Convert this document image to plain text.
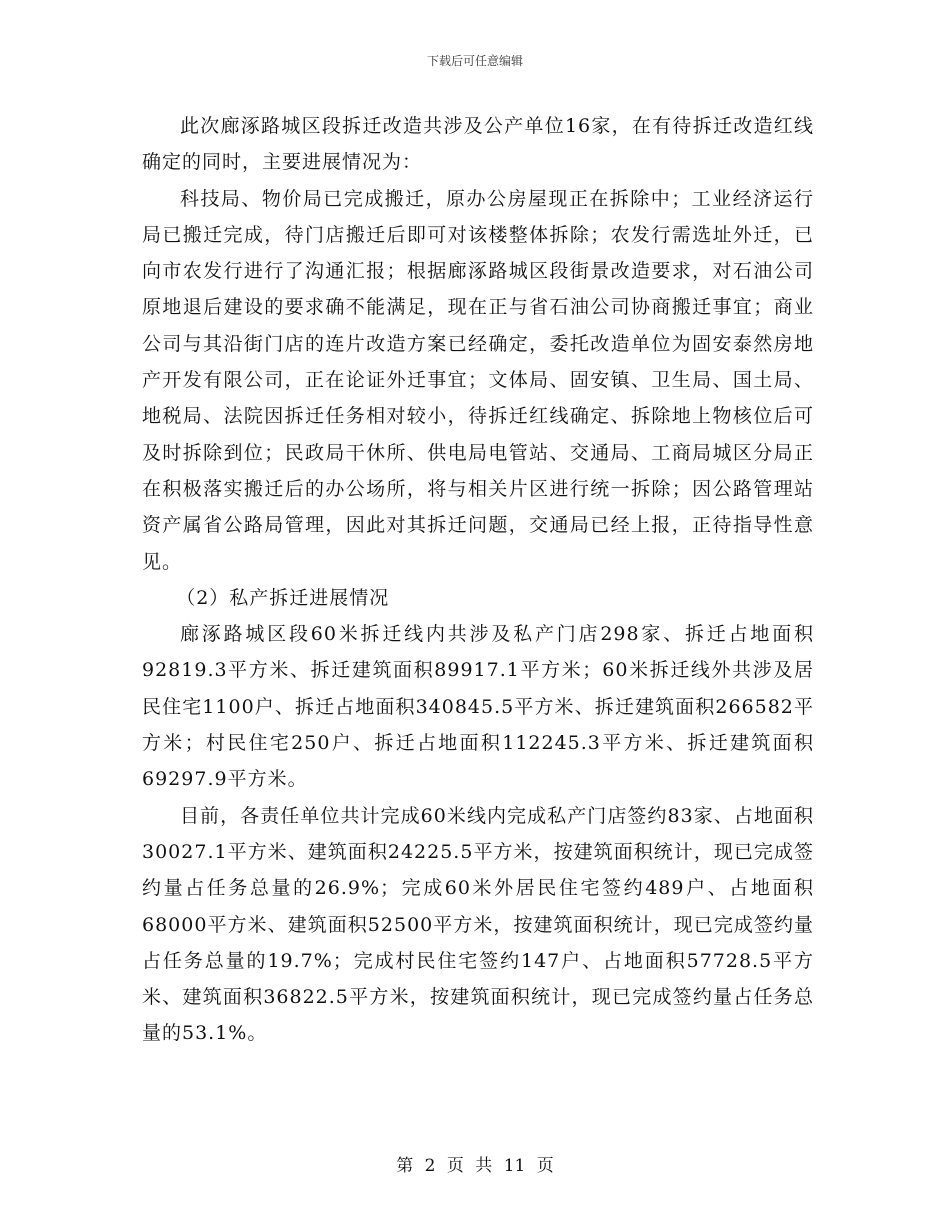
下载后可任意编辑

此次廊涿路城区段拆迁改造共涉及公产单位16家，在有待拆迁改造红线确定的同时，主要进展情况为：

科技局、物价局已完成搬迁，原办公房屋现正在拆除中；工业经济运行局已搬迁完成，待门店搬迁后即可对该楼整体拆除；农发行需选址外迁，已向市农发行进行了沟通汇报；根据廊涿路城区段街景改造要求，对石油公司原地退后建设的要求确不能满足，现在正与省石油公司协商搬迁事宜；商业公司与其沿街门店的连片改造方案已经确定，委托改造单位为固安泰然房地产开发有限公司，正在论证外迁事宜；文体局、固安镇、卫生局、国土局、地税局、法院因拆迁任务相对较小，待拆迁红线确定、拆除地上物核位后可及时拆除到位；民政局干休所、供电局电管站、交通局、工商局城区分局正在积极落实搬迁后的办公场所，将与相关片区进行统一拆除；因公路管理站资产属省公路局管理，因此对其拆迁问题，交通局已经上报，正待指导性意见。

（2）私产拆迁进展情况

廊涿路城区段60米拆迁线内共涉及私产门店298家、拆迁占地面积92819.3平方米、拆迁建筑面积89917.1平方米；60米拆迁线外共涉及居民住宅1100户、拆迁占地面积340845.5平方米、拆迁建筑面积266582平方米；村民住宅250户、拆迁占地面积112245.3平方米、拆迁建筑面积69297.9平方米。

目前，各责任单位共计完成60米线内完成私产门店签约83家、占地面积30027.1平方米、建筑面积24225.5平方米，按建筑面积统计，现已完成签约量占任务总量的26.9%；完成60米外居民住宅签约489户、占地面积68000平方米、建筑面积52500平方米，按建筑面积统计，现已完成签约量占任务总量的19.7%；完成村民住宅签约147户、占地面积57728.5平方米、建筑面积36822.5平方米，按建筑面积统计，现已完成签约量占任务总量的53.1%。

第 2 页 共 11 页
